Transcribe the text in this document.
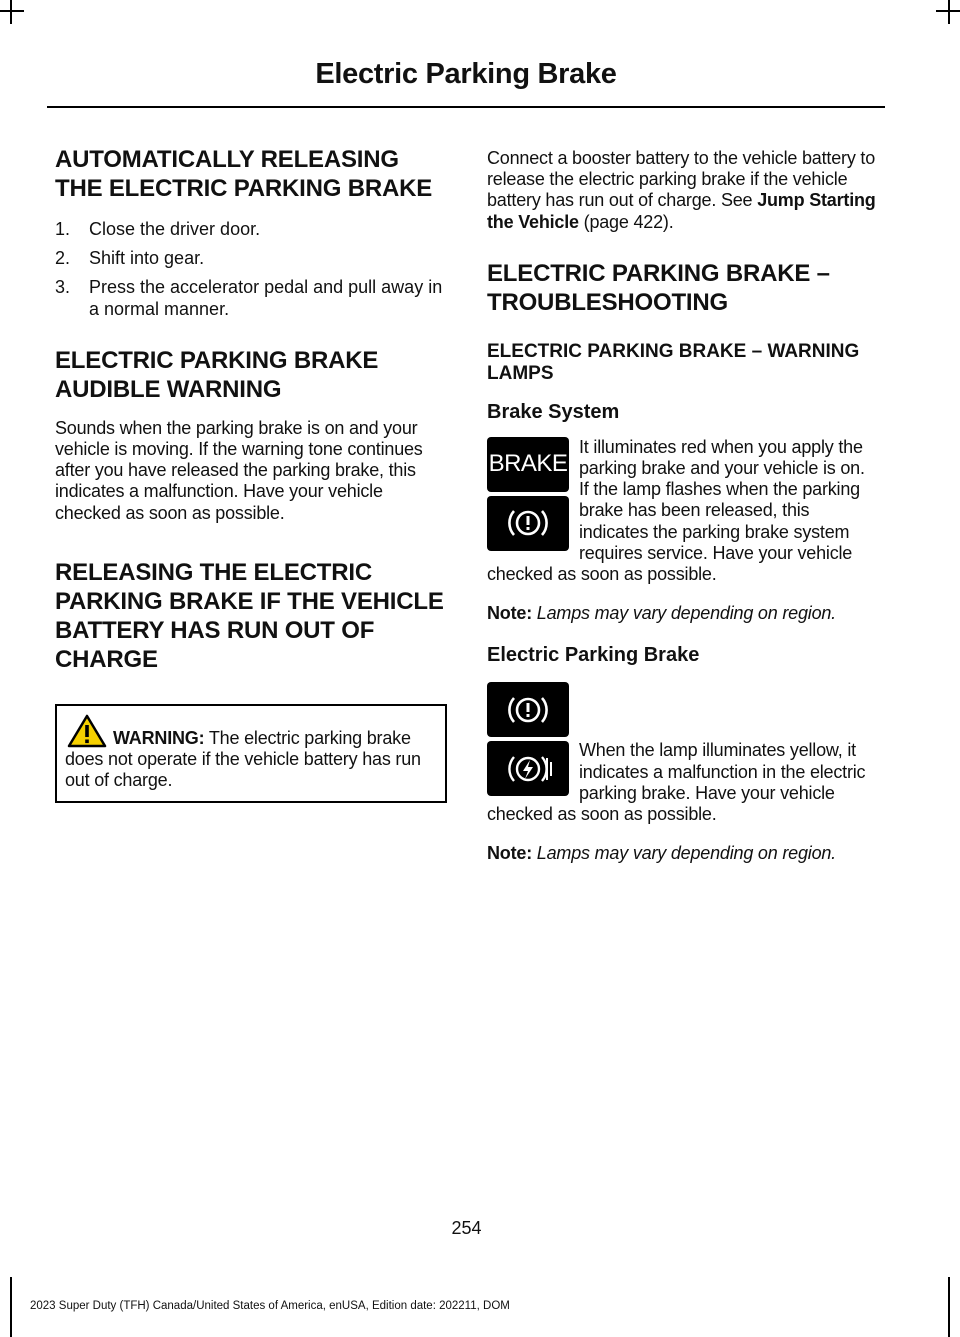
Electric Parking Brake
AUTOMATICALLY RELEASING THE ELECTRIC PARKING BRAKE
1. Close the driver door.
2. Shift into gear.
3. Press the accelerator pedal and pull away in a normal manner.
ELECTRIC PARKING BRAKE AUDIBLE WARNING

Sounds when the parking brake is on and your vehicle is moving. If the warning tone continues after you have released the parking brake, this indicates a malfunction. Have your vehicle checked as soon as possible.

RELEASING THE ELECTRIC PARKING BRAKE IF THE VEHICLE BATTERY HAS RUN OUT OF CHARGE

WARNING: The electric parking brake does not operate if the vehicle battery has run out of charge.

Connect a booster battery to the vehicle battery to release the electric parking brake if the vehicle battery has run out of charge. See Jump Starting the Vehicle (page 422).

ELECTRIC PARKING BRAKE – TROUBLESHOOTING
ELECTRIC PARKING BRAKE – WARNING LAMPS
Brake System
BRAKE

It illuminates red when you apply the parking brake and your vehicle is on. If the lamp flashes when the parking brake has been released, this indicates the parking brake system requires service. Have your vehicle checked as soon as possible.

Note: Lamps may vary depending on region.

Electric Parking Brake

When the lamp illuminates yellow, it indicates a malfunction in the electric parking brake. Have your vehicle checked as soon as possible.

Note: Lamps may vary depending on region.

254
2023 Super Duty (TFH) Canada/United States of America, enUSA, Edition date: 202211, DOM
